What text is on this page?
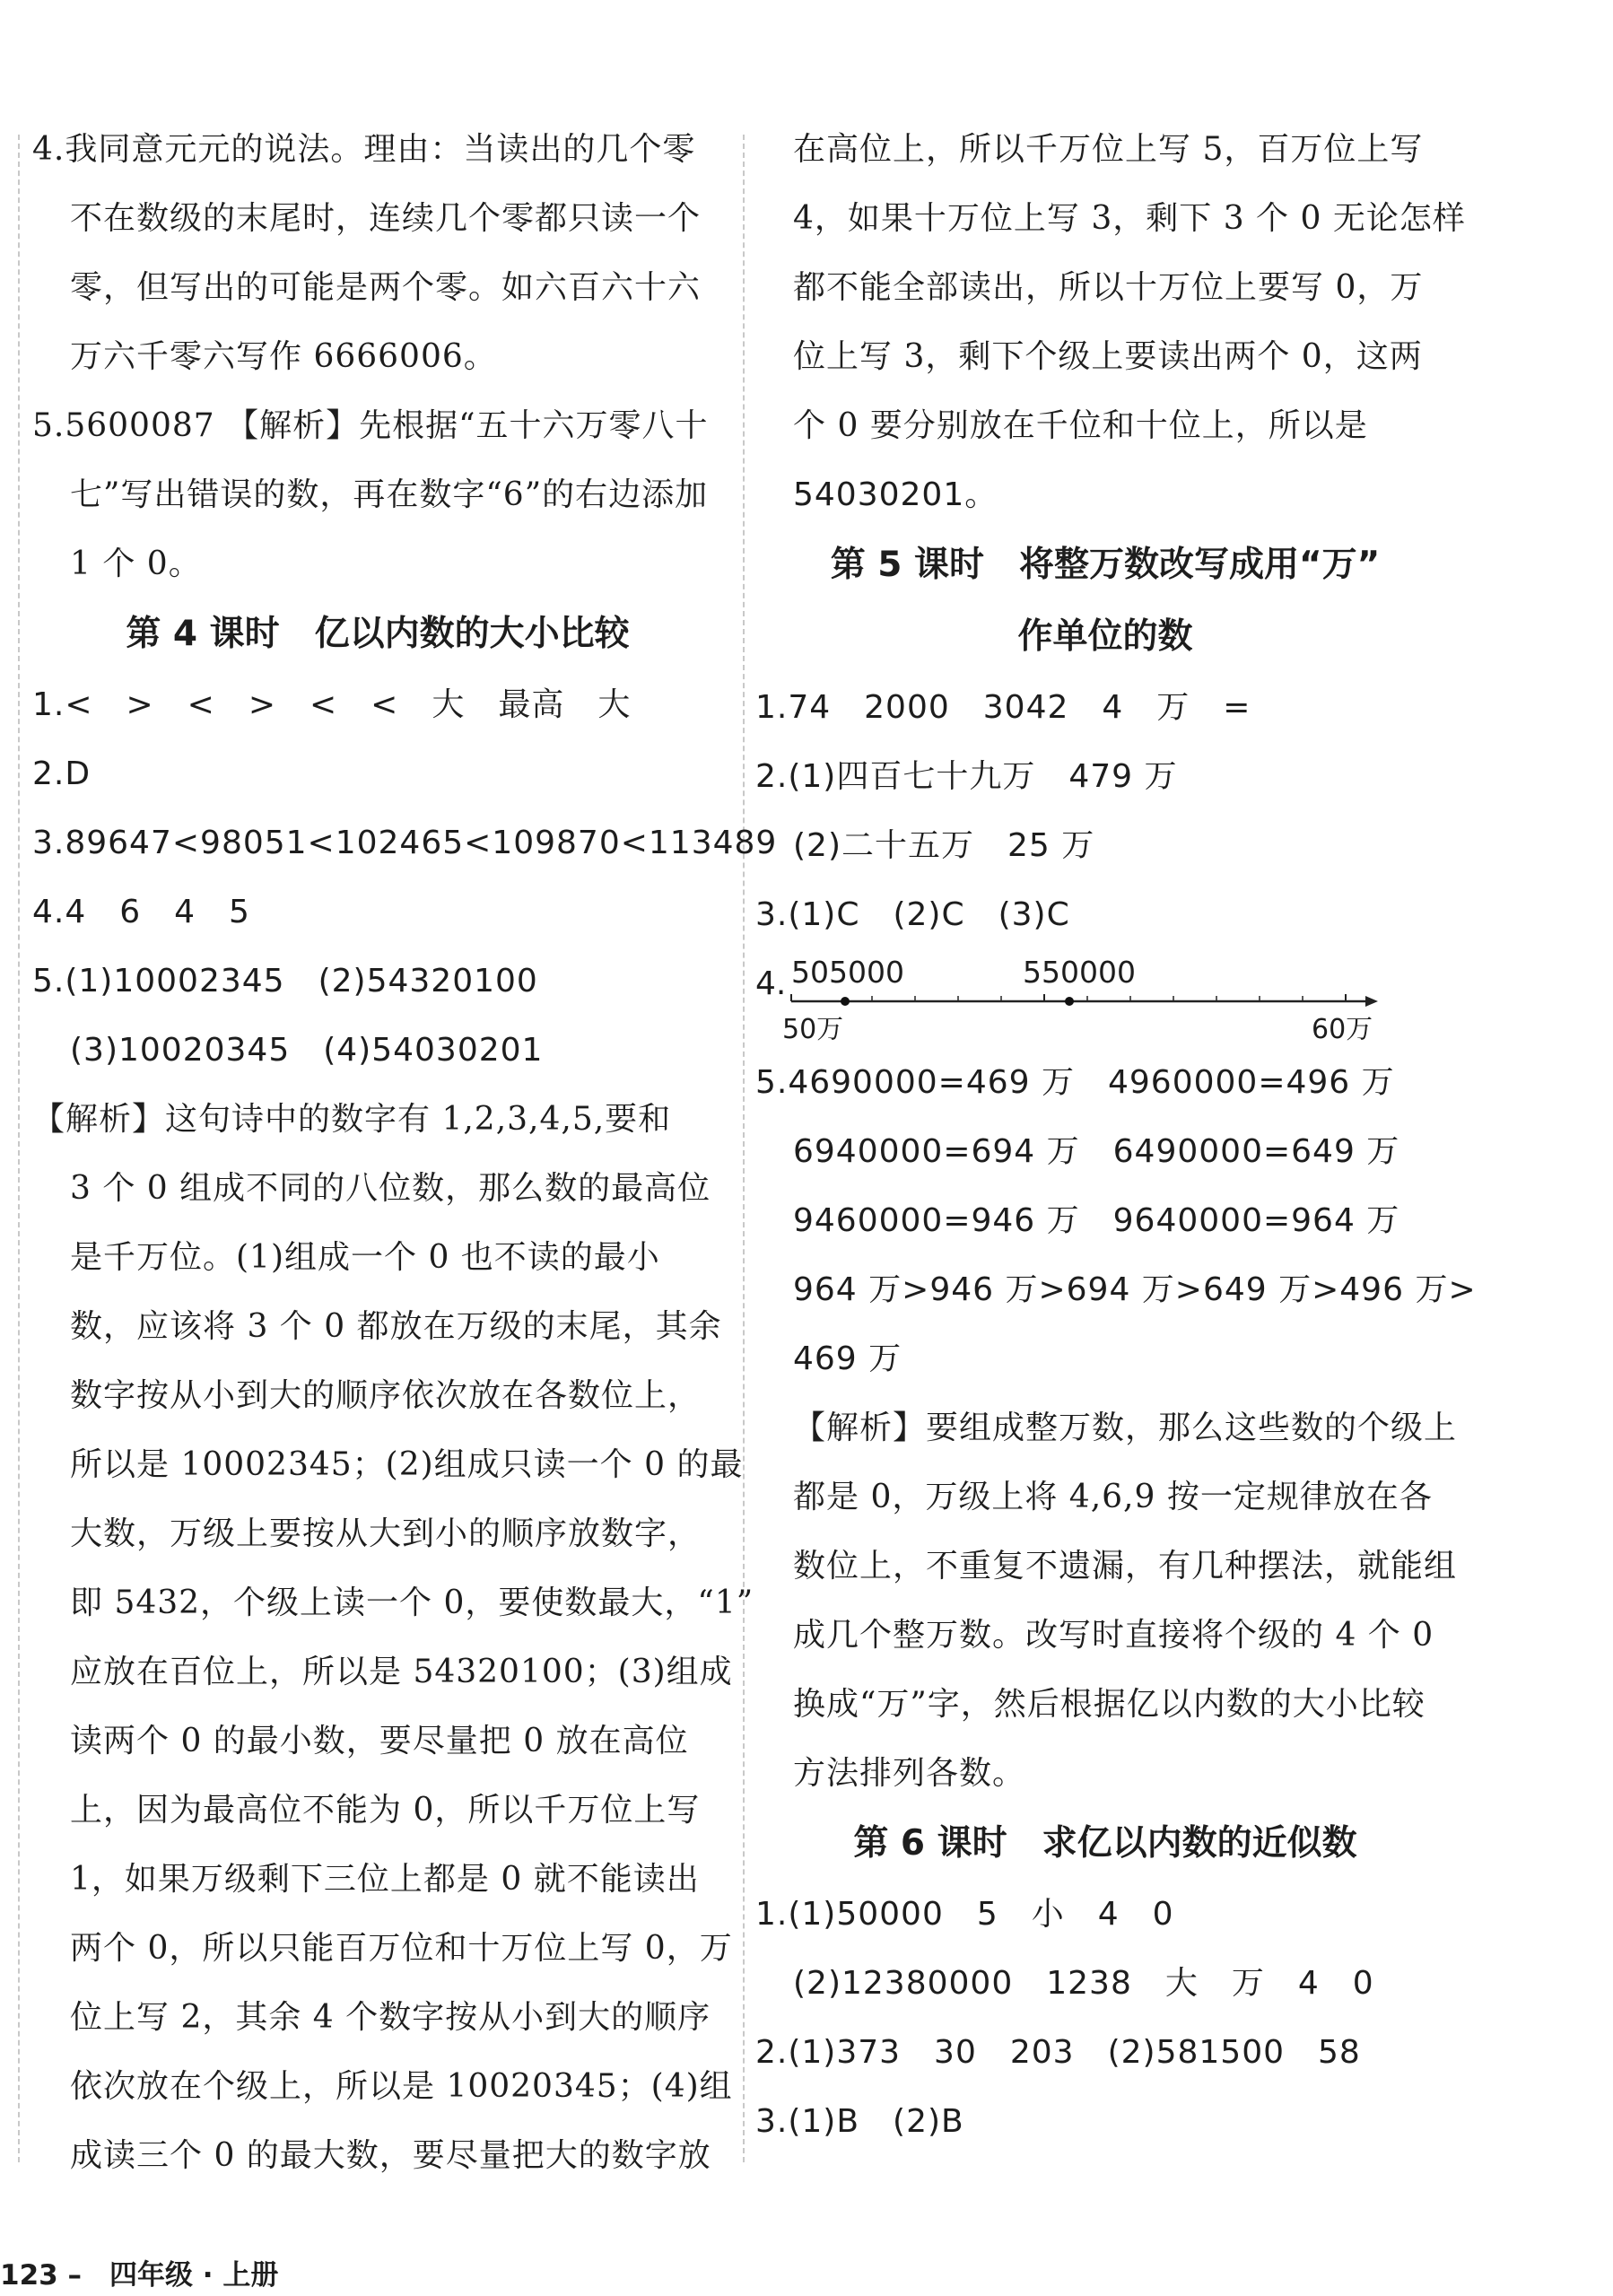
4.我同意元元的说法。理由：当读出的几个零
不在数级的末尾时，连续几个零都只读一个
零，但写出的可能是两个零。如六百六十六
万六千零六写作 6666006。
5.5600087 【解析】先根据“五十六万零八十
七”写出错误的数，再在数字“6”的右边添加
1 个 0。
第 4 课时　亿以内数的大小比较
1.<　>　<　>　<　<　大　最高　大
2.D
3.89647<98051<102465<109870<113489
4.4　6　4　5
5.(1)10002345　(2)54320100
(3)10020345　(4)54030201
【解析】这句诗中的数字有 1,2,3,4,5,要和
3 个 0 组成不同的八位数，那么数的最高位
是千万位。(1)组成一个 0 也不读的最小
数，应该将 3 个 0 都放在万级的末尾，其余
数字按从小到大的顺序依次放在各数位上，
所以是 10002345；(2)组成只读一个 0 的最
大数，万级上要按从大到小的顺序放数字，
即 5432，个级上读一个 0，要使数最大，“1”
应放在百位上，所以是 54320100；(3)组成
读两个 0 的最小数，要尽量把 0 放在高位
上，因为最高位不能为 0，所以千万位上写
1，如果万级剩下三位上都是 0 就不能读出
两个 0，所以只能百万位和十万位上写 0，万
位上写 2，其余 4 个数字按从小到大的顺序
依次放在个级上，所以是 10020345；(4)组
成读三个 0 的最大数，要尽量把大的数字放
在高位上，所以千万位上写 5，百万位上写
4，如果十万位上写 3，剩下 3 个 0 无论怎样
都不能全部读出，所以十万位上要写 0，万
位上写 3，剩下个级上要读出两个 0，这两
个 0 要分别放在千位和十位上，所以是
54030201。
第 5 课时　将整万数改写成用“万”
作单位的数
1.74　2000　3042　4　万　=
2.(1)四百七十九万　479 万
(2)二十五万　25 万
3.(1)C　(2)C　(3)C
4. 505000	550000
50万	60万
5.4690000=469 万　4960000=496 万
6940000=694 万　6490000=649 万
9460000=946 万　9640000=964 万
964 万>946 万>694 万>649 万>496 万>
469 万
【解析】要组成整万数，那么这些数的个级上
都是 0，万级上将 4,6,9 按一定规律放在各
数位上，不重复不遗漏，有几种摆法，就能组
成几个整万数。改写时直接将个级的 4 个 0
换成“万”字，然后根据亿以内数的大小比较
方法排列各数。
第 6 课时　求亿以内数的近似数
1.(1)50000　5　小　4　0
(2)12380000　1238　大　万　4　0
2.(1)373　30　203　(2)581500　58
3.(1)B　(2)B
123 –　四年级 · 上册
